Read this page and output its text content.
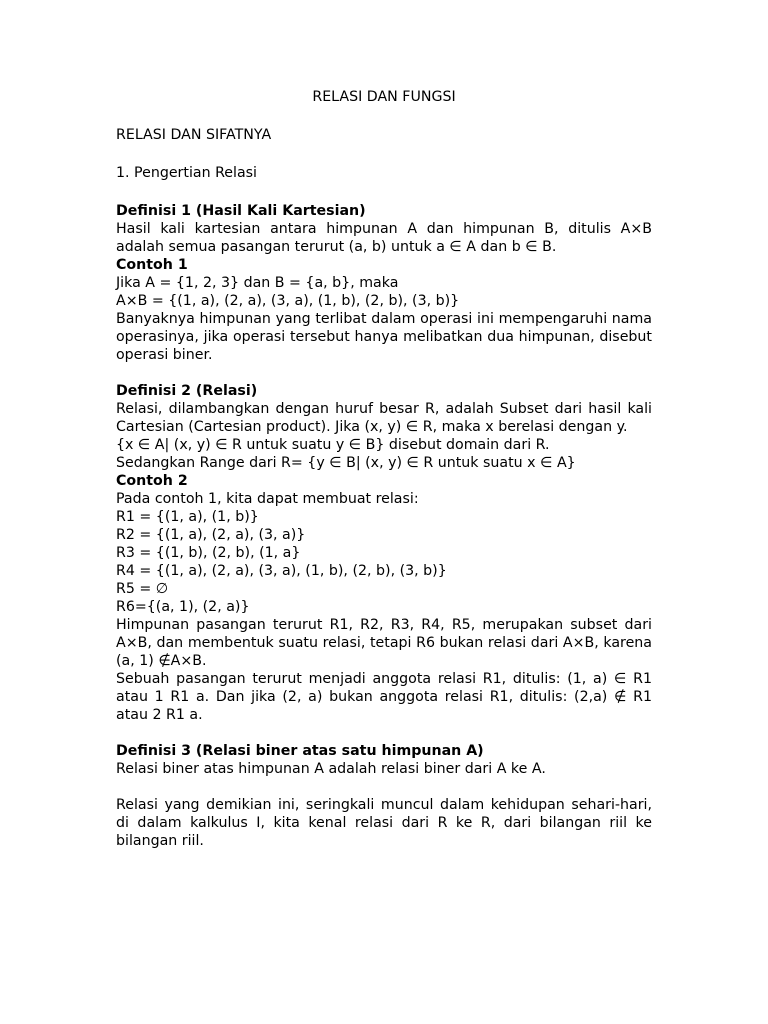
RELASI DAN FUNGSI
RELASI DAN SIFATNYA
1. Pengertian Relasi
Definisi 1 (Hasil Kali Kartesian)
Hasil kali kartesian antara himpunan A dan himpunan B, ditulis A×B adalah semua pasangan terurut (a, b) untuk a ∈ A dan b ∈ B.
Contoh 1
Jika A = {1, 2, 3} dan B = {a, b}, maka
A×B = {(1, a), (2, a), (3, a), (1, b), (2, b), (3, b)}
Banyaknya himpunan yang terlibat dalam operasi ini mempengaruhi nama operasinya, jika operasi tersebut hanya melibatkan dua himpunan, disebut operasi biner.
Definisi 2 (Relasi)
Relasi, dilambangkan dengan huruf besar R, adalah Subset dari hasil kali Cartesian (Cartesian product). Jika (x, y) ∈ R, maka x berelasi dengan y.
{x ∈ A| (x, y) ∈ R untuk suatu y ∈ B} disebut domain dari R.
Sedangkan Range dari R= {y ∈ B| (x, y) ∈ R untuk suatu x ∈ A}
Contoh 2
Pada contoh 1, kita dapat membuat relasi:
R1 = {(1, a), (1, b)}
R2 = {(1, a), (2, a), (3, a)}
R3 = {(1, b), (2, b), (1, a}
R4 = {(1, a), (2, a), (3, a), (1, b), (2, b), (3, b)}
R5 = ∅
R6={(a, 1), (2, a)}
Himpunan pasangan terurut R1, R2, R3, R4, R5, merupakan subset dari A×B, dan membentuk suatu relasi, tetapi R6 bukan relasi dari A×B, karena (a, 1) ∉A×B.
Sebuah pasangan terurut menjadi anggota relasi R1, ditulis: (1, a) ∈ R1 atau 1 R1 a. Dan jika (2, a) bukan anggota relasi R1, ditulis: (2,a) ∉ R1 atau 2 R1 a.
Definisi 3 (Relasi biner atas satu himpunan A)
Relasi biner atas himpunan A adalah relasi biner dari A ke A.
Relasi yang demikian ini, seringkali muncul dalam kehidupan sehari-hari, di dalam kalkulus I, kita kenal relasi dari R ke R, dari bilangan riil ke bilangan riil.
